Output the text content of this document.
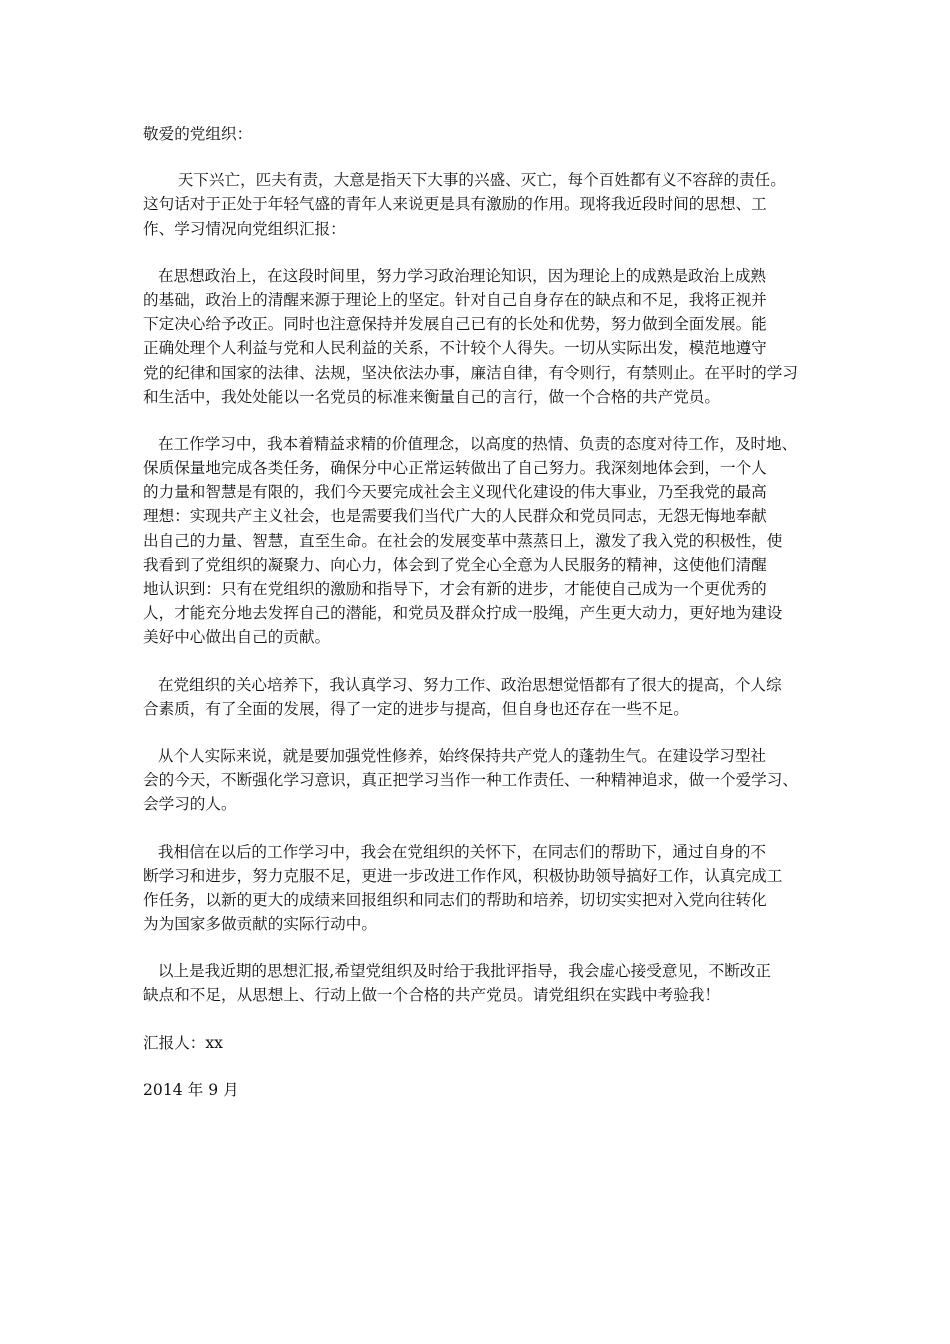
敬爱的党组织：
天下兴亡，匹夫有责，大意是指天下大事的兴盛、灭亡，每个百姓都有义不容辞的责任。
这句话对于正处于年轻气盛的青年人来说更是具有激励的作用。现将我近段时间的思想、工
作、学习情况向党组织汇报：
在思想政治上，在这段时间里，努力学习政治理论知识，因为理论上的成熟是政治上成熟
的基础，政治上的清醒来源于理论上的坚定。针对自己自身存在的缺点和不足，我将正视并
下定决心给予改正。同时也注意保持并发展自己已有的长处和优势，努力做到全面发展。能
正确处理个人利益与党和人民利益的关系，不计较个人得失。一切从实际出发，模范地遵守
党的纪律和国家的法律、法规，坚决依法办事，廉洁自律，有令则行，有禁则止。在平时的学习
和生活中，我处处能以一名党员的标准来衡量自己的言行，做一个合格的共产党员。
在工作学习中，我本着精益求精的价值理念，以高度的热情、负责的态度对待工作，及时地、
保质保量地完成各类任务，确保分中心正常运转做出了自己努力。我深刻地体会到，一个人
的力量和智慧是有限的，我们今天要完成社会主义现代化建设的伟大事业，乃至我党的最高
理想：实现共产主义社会，也是需要我们当代广大的人民群众和党员同志，无怨无悔地奉献
出自己的力量、智慧，直至生命。在社会的发展变革中蒸蒸日上，激发了我入党的积极性，使
我看到了党组织的凝聚力、向心力，体会到了党全心全意为人民服务的精神，这使他们清醒
地认识到：只有在党组织的激励和指导下，才会有新的进步，才能使自己成为一个更优秀的
人，才能充分地去发挥自己的潜能，和党员及群众拧成一股绳，产生更大动力，更好地为建设
美好中心做出自己的贡献。
在党组织的关心培养下，我认真学习、努力工作、政治思想觉悟都有了很大的提高，个人综
合素质，有了全面的发展，得了一定的进步与提高，但自身也还存在一些不足。
从个人实际来说，就是要加强党性修养，始终保持共产党人的蓬勃生气。在建设学习型社
会的今天，不断强化学习意识，真正把学习当作一种工作责任、一种精神追求，做一个爱学习、
会学习的人。
我相信在以后的工作学习中，我会在党组织的关怀下，在同志们的帮助下，通过自身的不
断学习和进步，努力克服不足，更进一步改进工作作风，积极协助领导搞好工作，认真完成工
作任务，以新的更大的成绩来回报组织和同志们的帮助和培养，切切实实把对入党向往转化
为为国家多做贡献的实际行动中。
以上是我近期的思想汇报,希望党组织及时给于我批评指导，我会虚心接受意见，不断改正
缺点和不足，从思想上、行动上做一个合格的共产党员。请党组织在实践中考验我！
汇报人：xx
2014 年 9 月
